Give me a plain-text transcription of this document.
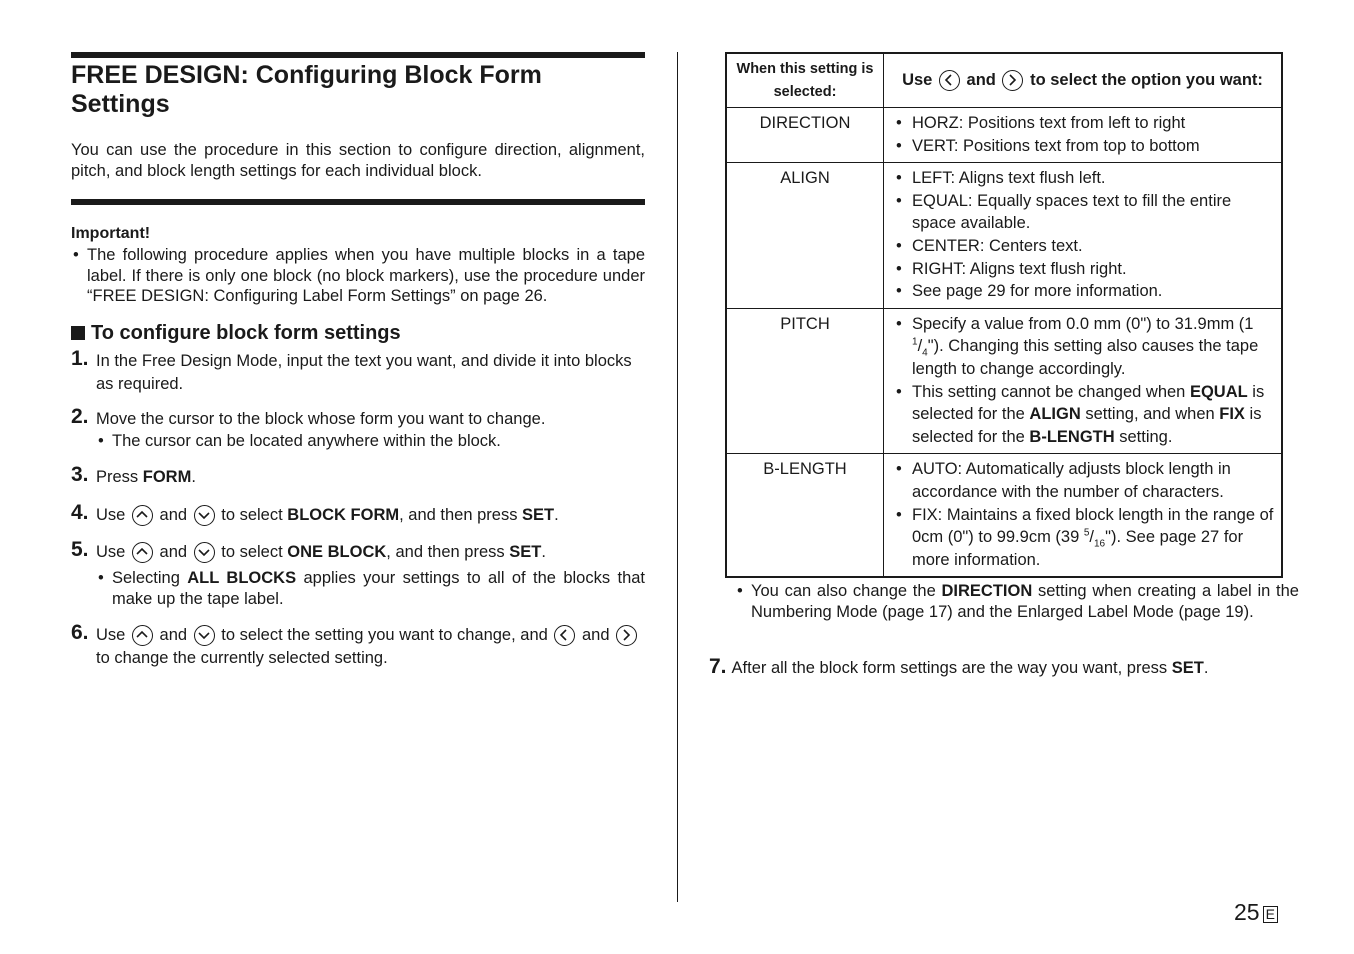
FREE DESIGN: Configuring Block Form Settings

You can use the procedure in this section to configure direction, alignment, pitch, and block length settings for each individual block.

Important!

• The following procedure applies when you have multiple blocks in a tape label. If there is only one block (no block markers), use the procedure under “FREE DESIGN: Configuring Label Form Settings” on page 26.
To configure block form settings
1. In the Free Design Mode, input the text you want, and divide it into blocks as required.
2. Move the cursor to the block whose form you want to change.
• The cursor can be located anywhere within the block.
3. Press FORM.
4. Use and to select BLOCK FORM, and then press SET.
5. Use and to select ONE BLOCK, and then press SET.
• Selecting ALL BLOCKS applies your settings to all of the blocks that make up the tape label.
6. Use and to select the setting you want to change, and and

to change the currently selected setting.
When this setting is selected:	Use and to select the option you want:
DIRECTION	• HORZ: Positions text from left to right
• VERT: Positions text from top to bottom

ALIGN	• LEFT: Aligns text flush left.
• EQUAL: Equally spaces text to fill the entire space available.
• CENTER: Centers text.
• RIGHT: Aligns text flush right.
• See page 29 for more information.

PITCH	• Specify a value from 0.0 mm (0") to 31.9mm (1 $^1/_4$"). Changing this setting also causes the tape length to change accordingly.
• This setting cannot be changed when EQUAL is selected for the ALIGN setting, and when FIX is selected for the B-LENGTH setting.

B-LENGTH	• AUTO: Automatically adjusts block length in accordance with the number of characters.
• FIX: Maintains a fixed block length in the range of 0cm (0") to 99.9cm (39 $^5/_{16}$"). See page 27 for more information.
• You can also change the DIRECTION setting when creating a label in the Numbering Mode (page 17) and the Enlarged Label Mode (page 19).
7. After all the block form settings are the way you want, press SET.
25 E
